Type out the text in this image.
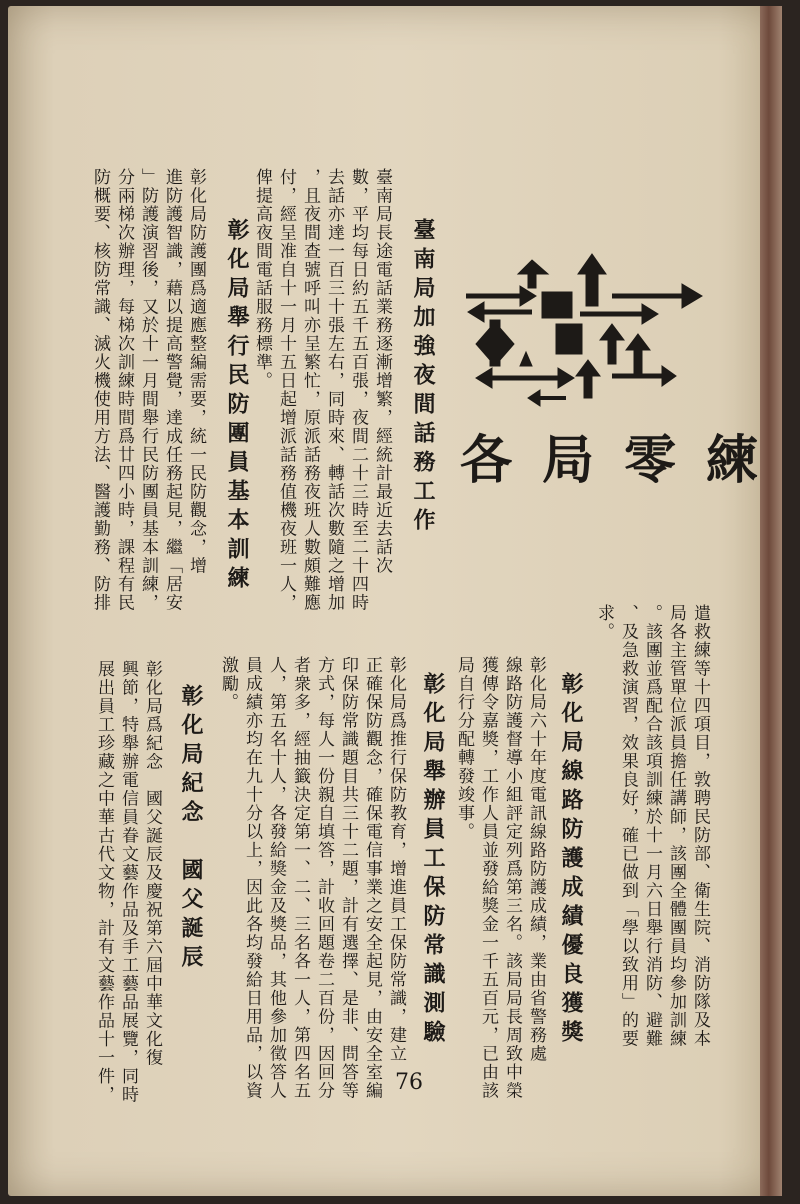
各局零練
臺南局加強夜間話務工作
臺南局長途電話業務逐漸增繁，經統計最近去話次
數，平均每日約五千五百張，夜間二十三時至二十四時
去話亦達一百三十張左右，同時來、轉話次數隨之增加
，且夜間查號呼叫亦呈繁忙，原派話務夜班人數頗難應
付，經呈准自十一月十五日起增派話務值機夜班一人，
俾提高夜間電話服務標準。
彰化局舉行民防團員基本訓練
彰化局防護團爲適應整編需要，統一民防觀念，增
進防護智識，藉以提高警覺，達成任務起見，繼「居安
」防護演習後，又於十一月間舉行民防團員基本訓練，
分兩梯次辦理，每梯次訓練時間爲廿四小時，課程有民
防概要、核防常識、滅火機使用方法、醫護勤務、防排
遣救練等十四項目，敦聘民防部、衛生院、消防隊及本
局各主管單位派員擔任講師，該團全體團員均參加訓練
。該團並爲配合該項訓練於十一月六日舉行消防、避難
、及急救演習，效果良好，確已做到「學以致用」的要
求。
彰化局線路防護成績優良獲獎
彰化局六十年度電訊線路防護成績，業由省警務處
線路防護督導小組評定列爲第三名。該局局長周致中榮
獲傳令嘉獎，工作人員並發給獎金一千五百元，已由該
局自行分配轉發竣事。
彰化局舉辦員工保防常識測驗
彰化局爲推行保防教育，增進員工保防常識，建立
正確保防觀念，確保電信事業之安全起見，由安全室編
印保防常識題目共三十二題，計有選擇、是非、問答等
方式，每人一份親自填答，計收回題卷二百份，因回分
者衆多，經抽籤決定第一、二、三名各一人，第四名五
人，第五名十人，各發給獎金及獎品，其他參加徵答人
員成績亦均在九十分以上，因此各均發給日用品，以資
激勵。
彰化局紀念　國父誕辰
彰化局爲紀念　國父誕辰及慶祝第六屆中華文化復
興節，特舉辦電信員眷文藝作品及手工藝品展覽，同時
展出員工珍藏之中華古代文物，計有文藝作品十一件，	76
